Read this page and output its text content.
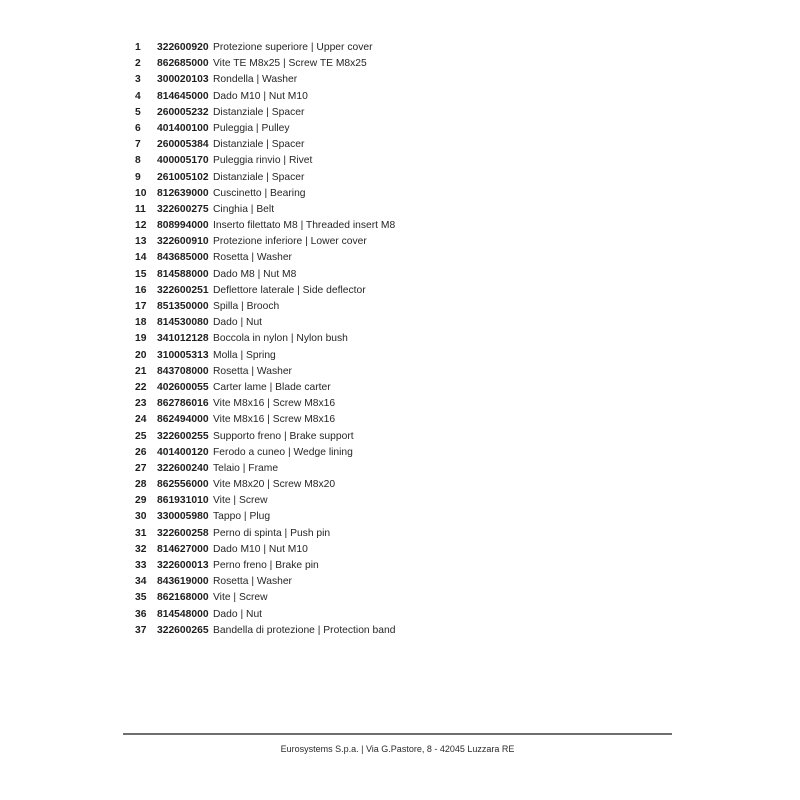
1	322600920 Protezione superiore | Upper cover
2	862685000 Vite TE M8x25 | Screw TE M8x25
3	300020103 Rondella | Washer
4	814645000 Dado M10 | Nut M10
5	260005232 Distanziale | Spacer
6	401400100 Puleggia | Pulley
7	260005384 Distanziale | Spacer
8	400005170 Puleggia rinvio | Rivet
9	261005102 Distanziale | Spacer
10	812639000 Cuscinetto | Bearing
11	322600275 Cinghia | Belt
12	808994000 Inserto filettato M8 | Threaded insert M8
13	322600910 Protezione inferiore | Lower cover
14	843685000 Rosetta | Washer
15	814588000 Dado M8 | Nut M8
16	322600251 Deflettore laterale | Side deflector
17	851350000 Spilla | Brooch
18	814530080 Dado | Nut
19	341012128 Boccola in nylon | Nylon bush
20	310005313 Molla | Spring
21	843708000 Rosetta | Washer
22	402600055 Carter lame | Blade carter
23	862786016 Vite M8x16 | Screw M8x16
24	862494000 Vite M8x16 | Screw M8x16
25	322600255 Supporto freno | Brake support
26	401400120 Ferodo a cuneo | Wedge lining
27	322600240 Telaio | Frame
28	862556000 Vite M8x20 | Screw M8x20
29	861931010 Vite | Screw
30	330005980 Tappo | Plug
31	322600258 Perno di spinta | Push pin
32	814627000 Dado M10 | Nut M10
33	322600013 Perno freno | Brake pin
34	843619000 Rosetta | Washer
35	862168000 Vite | Screw
36	814548000 Dado | Nut
37	322600265 Bandella di protezione | Protection band
Eurosystems S.p.a. | Via G.Pastore, 8 - 42045 Luzzara RE
